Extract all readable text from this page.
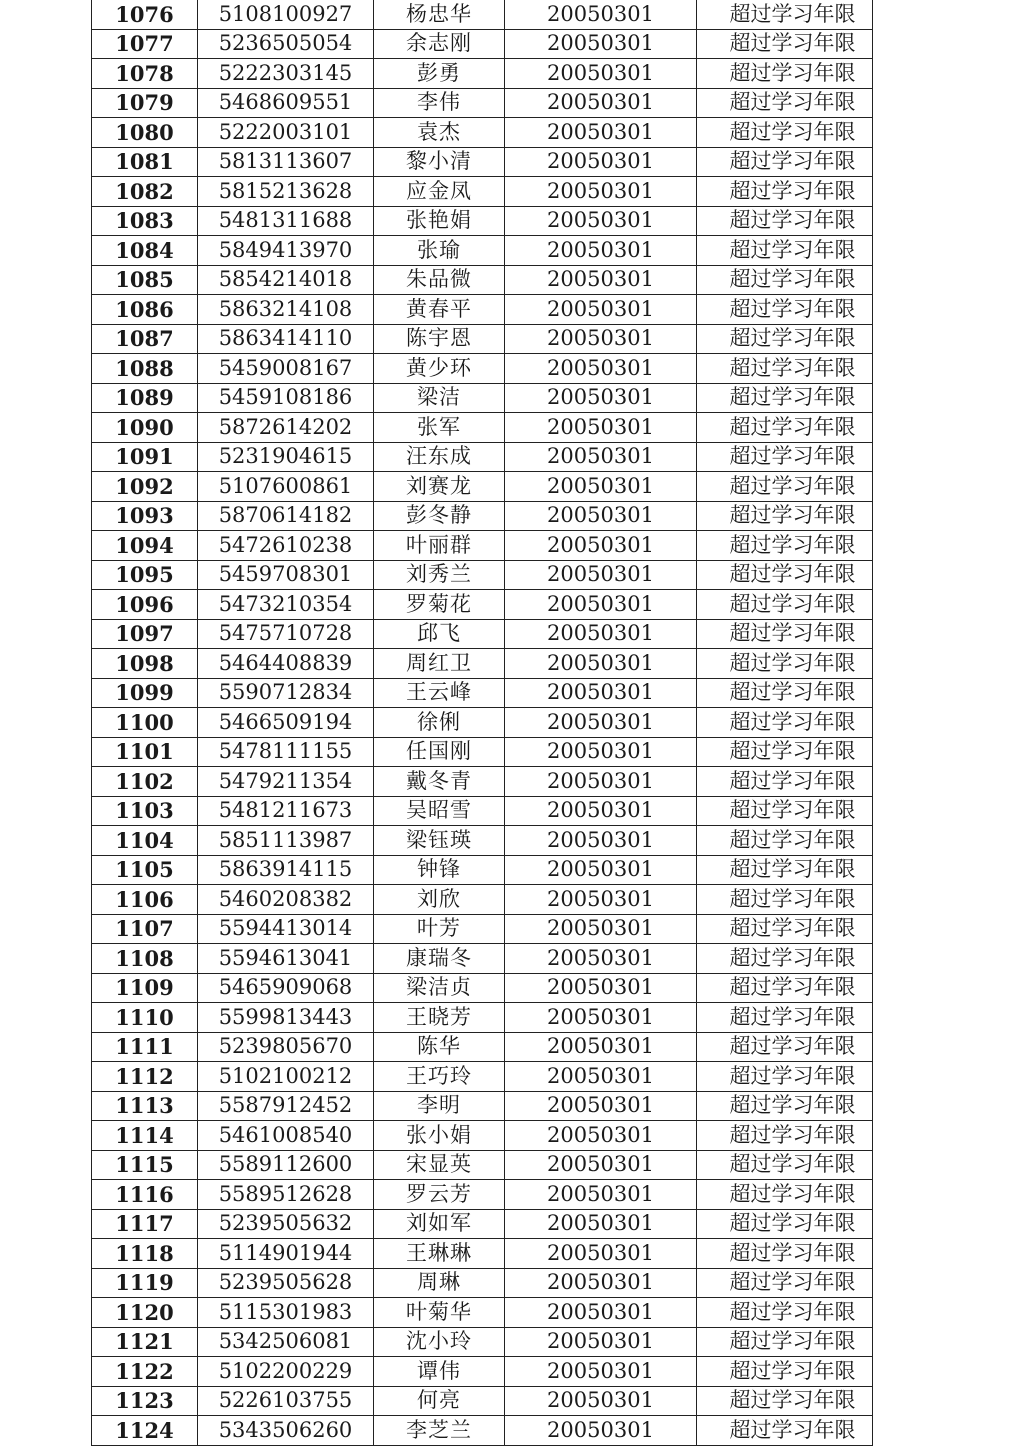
1076	5108100927	杨忠华	20050301	超过学习年限
1077	5236505054	余志刚	20050301	超过学习年限
1078	5222303145	彭勇	20050301	超过学习年限
1079	5468609551	李伟	20050301	超过学习年限
1080	5222003101	袁杰	20050301	超过学习年限
1081	5813113607	黎小清	20050301	超过学习年限
1082	5815213628	应金凤	20050301	超过学习年限
1083	5481311688	张艳娟	20050301	超过学习年限
1084	5849413970	张瑜	20050301	超过学习年限
1085	5854214018	朱品微	20050301	超过学习年限
1086	5863214108	黄春平	20050301	超过学习年限
1087	5863414110	陈宇恩	20050301	超过学习年限
1088	5459008167	黄少环	20050301	超过学习年限
1089	5459108186	梁洁	20050301	超过学习年限
1090	5872614202	张军	20050301	超过学习年限
1091	5231904615	汪东成	20050301	超过学习年限
1092	5107600861	刘赛龙	20050301	超过学习年限
1093	5870614182	彭冬静	20050301	超过学习年限
1094	5472610238	叶丽群	20050301	超过学习年限
1095	5459708301	刘秀兰	20050301	超过学习年限
1096	5473210354	罗菊花	20050301	超过学习年限
1097	5475710728	邱飞	20050301	超过学习年限
1098	5464408839	周红卫	20050301	超过学习年限
1099	5590712834	王云峰	20050301	超过学习年限
1100	5466509194	徐俐	20050301	超过学习年限
1101	5478111155	任国刚	20050301	超过学习年限
1102	5479211354	戴冬青	20050301	超过学习年限
1103	5481211673	吴昭雪	20050301	超过学习年限
1104	5851113987	梁钰瑛	20050301	超过学习年限
1105	5863914115	钟锋	20050301	超过学习年限
1106	5460208382	刘欣	20050301	超过学习年限
1107	5594413014	叶芳	20050301	超过学习年限
1108	5594613041	康瑞冬	20050301	超过学习年限
1109	5465909068	梁洁贞	20050301	超过学习年限
1110	5599813443	王晓芳	20050301	超过学习年限
1111	5239805670	陈华	20050301	超过学习年限
1112	5102100212	王巧玲	20050301	超过学习年限
1113	5587912452	李明	20050301	超过学习年限
1114	5461008540	张小娟	20050301	超过学习年限
1115	5589112600	宋显英	20050301	超过学习年限
1116	5589512628	罗云芳	20050301	超过学习年限
1117	5239505632	刘如军	20050301	超过学习年限
1118	5114901944	王琳琳	20050301	超过学习年限
1119	5239505628	周琳	20050301	超过学习年限
1120	5115301983	叶菊华	20050301	超过学习年限
1121	5342506081	沈小玲	20050301	超过学习年限
1122	5102200229	谭伟	20050301	超过学习年限
1123	5226103755	何亮	20050301	超过学习年限
1124	5343506260	李芝兰	20050301	超过学习年限
